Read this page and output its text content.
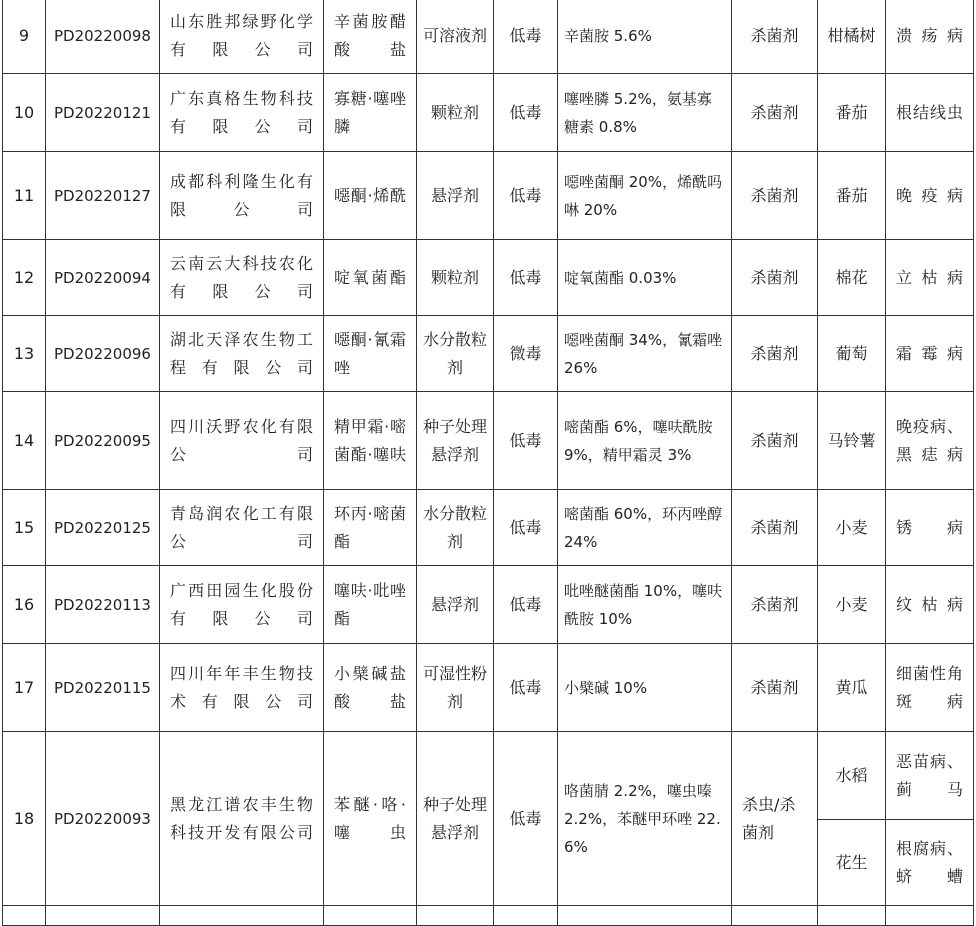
9	PD20220098	山东胜邦绿野化学有限公司	辛菌胺醋酸盐	可溶液剂	低毒	辛菌胺 5.6%	杀菌剂	柑橘树	溃疡病
10	PD20220121	广东真格生物科技有限公司	寡糖·噻唑膦	颗粒剂	低毒	噻唑膦 5.2%，氨基寡糖素 0.8%	杀菌剂	番茄	根结线虫
11	PD20220127	成都科利隆生化有限公司	噁酮·烯酰	悬浮剂	低毒	噁唑菌酮 20%，烯酰吗啉 20%	杀菌剂	番茄	晚疫病
12	PD20220094	云南云大科技农化有限公司	啶氧菌酯	颗粒剂	低毒	啶氧菌酯 0.03%	杀菌剂	棉花	立枯病
13	PD20220096	湖北天泽农生物工程有限公司	噁酮·氰霜唑	水分散粒剂	微毒	噁唑菌酮 34%，氰霜唑 26%	杀菌剂	葡萄	霜霉病
14	PD20220095	四川沃野农化有限公司	精甲霜·嘧菌酯·噻呋	种子处理悬浮剂	低毒	嘧菌酯 6%，噻呋酰胺 9%，精甲霜灵 3%	杀菌剂	马铃薯	晚疫病、黑痣病
15	PD20220125	青岛润农化工有限公司	环丙·嘧菌酯	水分散粒剂	低毒	嘧菌酯 60%，环丙唑醇 24%	杀菌剂	小麦	锈病
16	PD20220113	广西田园生化股份有限公司	噻呋·吡唑酯	悬浮剂	低毒	吡唑醚菌酯 10%，噻呋酰胺 10%	杀菌剂	小麦	纹枯病
17	PD20220115	四川年年丰生物技术有限公司	小檗碱盐酸盐	可湿性粉剂	低毒	小檗碱 10%	杀菌剂	黄瓜	细菌性角斑病
18	PD20220093	黑龙江谱农丰生物科技开发有限公司	苯醚·咯·噻虫	种子处理悬浮剂	低毒	咯菌腈 2.2%，噻虫嗪 2.2%，苯醚甲环唑 22.6%	杀虫/杀菌剂	水稻	恶苗病、蓟马
								花生	根腐病、蛴螬
